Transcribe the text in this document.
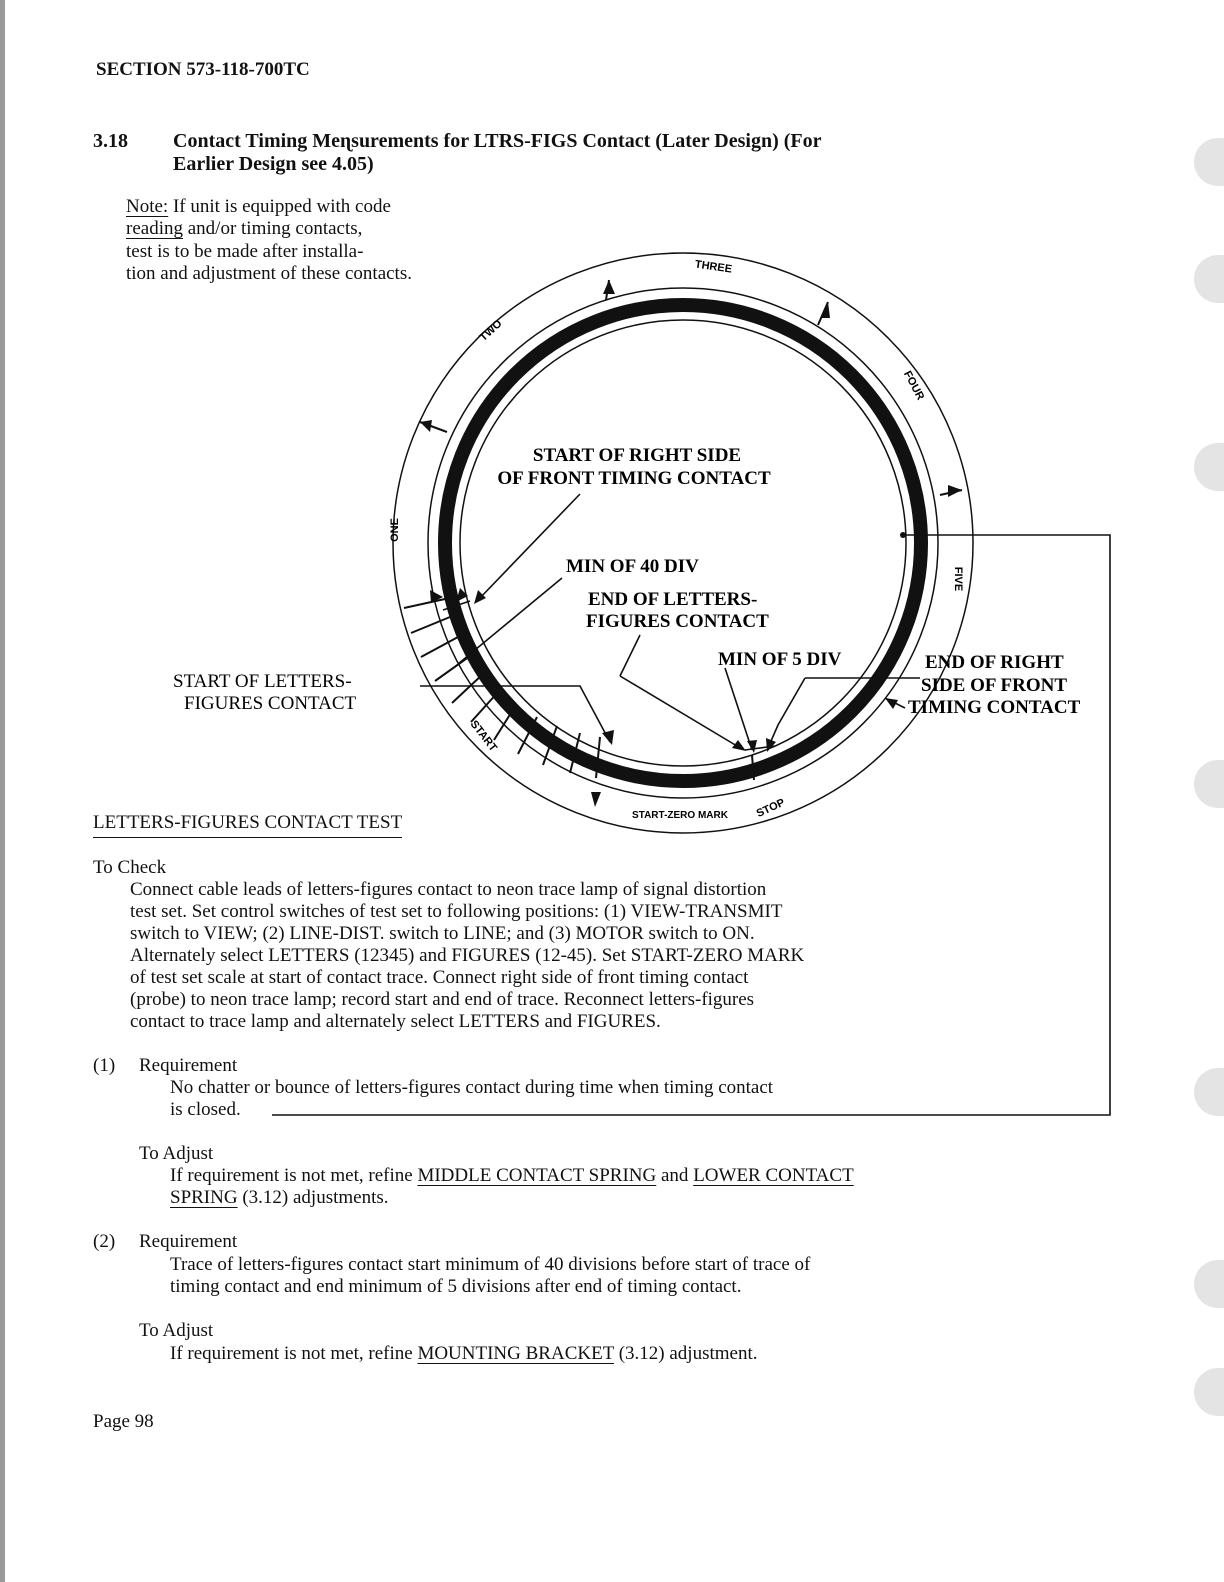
SECTION 573-118-700TC
3.18 Contact Timing Meɳsurements for LTRS-FIGS Contact (Later Design) (For
Earlier Design see 4.05)
Note: If unit is equipped with code
reading and/or timing contacts,
test is to be made after installa-
tion and adjustment of these contacts.	THREE
TWO
FOUR
ONE
FIVE
START
START-ZERO MARK STOP
START OF RIGHT SIDE
OF FRONT TIMING CONTACT
MIN OF 40 DIV
END OF LETTERS-
FIGURES CONTACT
MIN OF 5 DIV
START OF LETTERS-
FIGURES CONTACT
END OF RIGHT
SIDE OF FRONT
TIMING CONTACT
LETTERS-FIGURES CONTACT TEST
To Check
Connect cable leads of letters-figures contact to neon trace lamp of signal distortion
test set. Set control switches of test set to following positions: (1) VIEW-TRANSMIT
switch to VIEW; (2) LINE-DIST. switch to LINE; and (3) MOTOR switch to ON.
Alternately select LETTERS (12345) and FIGURES (12-45). Set START-ZERO MARK
of test set scale at start of contact trace. Connect right side of front timing contact
(probe) to neon trace lamp; record start and end of trace. Reconnect letters-figures
contact to trace lamp and alternately select LETTERS and FIGURES.
(1) Requirement
No chatter or bounce of letters-figures contact during time when timing contact
is closed.
To Adjust
If requirement is not met, refine MIDDLE CONTACT SPRING and LOWER CONTACT
SPRING (3.12) adjustments.
(2) Requirement
Trace of letters-figures contact start minimum of 40 divisions before start of trace of
timing contact and end minimum of 5 divisions after end of timing contact.
To Adjust
If requirement is not met, refine MOUNTING BRACKET (3.12) adjustment.
Page 98
